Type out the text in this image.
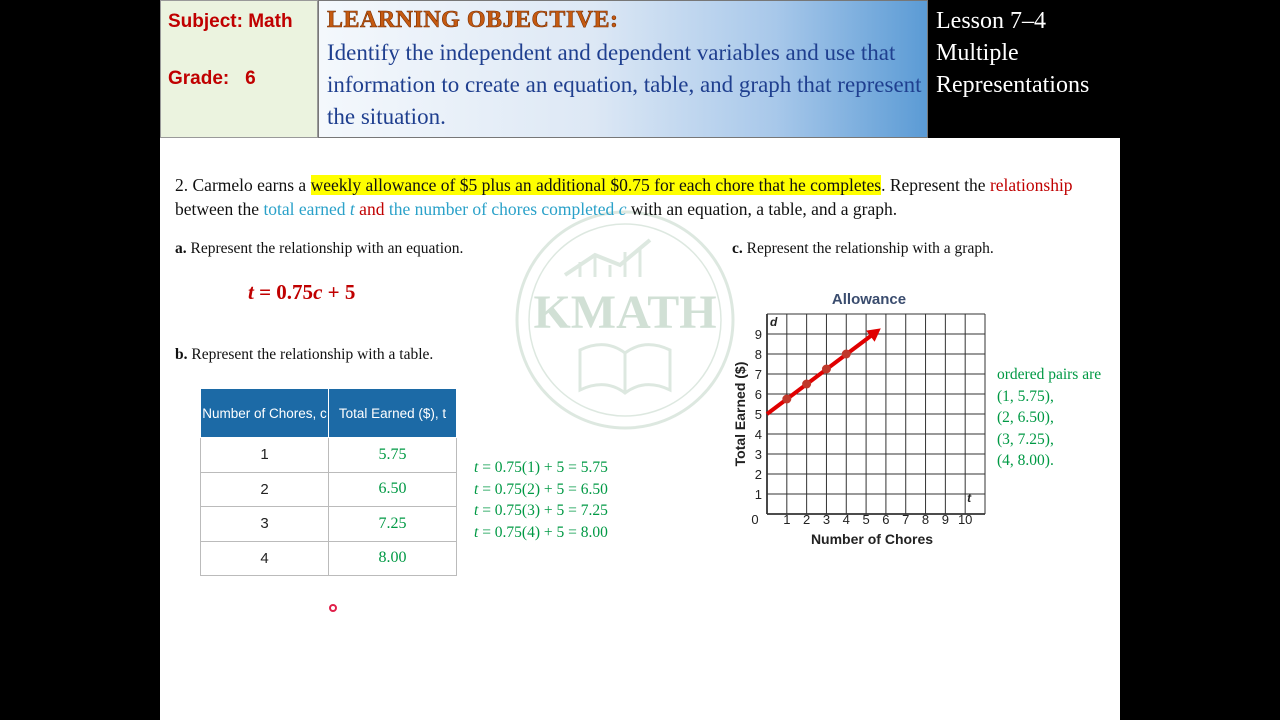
Subject: Math
Grade:   6
LEARNING OBJECTIVE:
Identify the independent and dependent variables and use that information to create an equation, table, and graph that represent the situation.
Lesson 7–4
Multiple
Representations
KMATH
2. Carmelo earns a weekly allowance of $5 plus an additional $0.75 for each chore that he completes. Represent the relationship between the total earned t and the number of chores completed c with an equation, a table, and a graph.
a. Represent the relationship with an equation.
t = 0.75c + 5
b. Represent the relationship with a table.
c. Represent the relationship with a graph.
Number of Chores, c	Total Earned ($), t
1	5.75
2	6.50
3	7.25
4	8.00
t = 0.75(1) + 5 = 5.75
t = 0.75(2) + 5 = 6.50
t = 0.75(3) + 5 = 7.25
t = 0.75(4) + 5 = 8.00
Allowance
0 1 2 3 4 5 6 7 8 9 10
1
2
3
4
5
6
7
8
9
Number of Chores
Total Earned ($)
d
t
ordered pairs are
(1, 5.75),
(2, 6.50),
(3, 7.25),
(4, 8.00).
